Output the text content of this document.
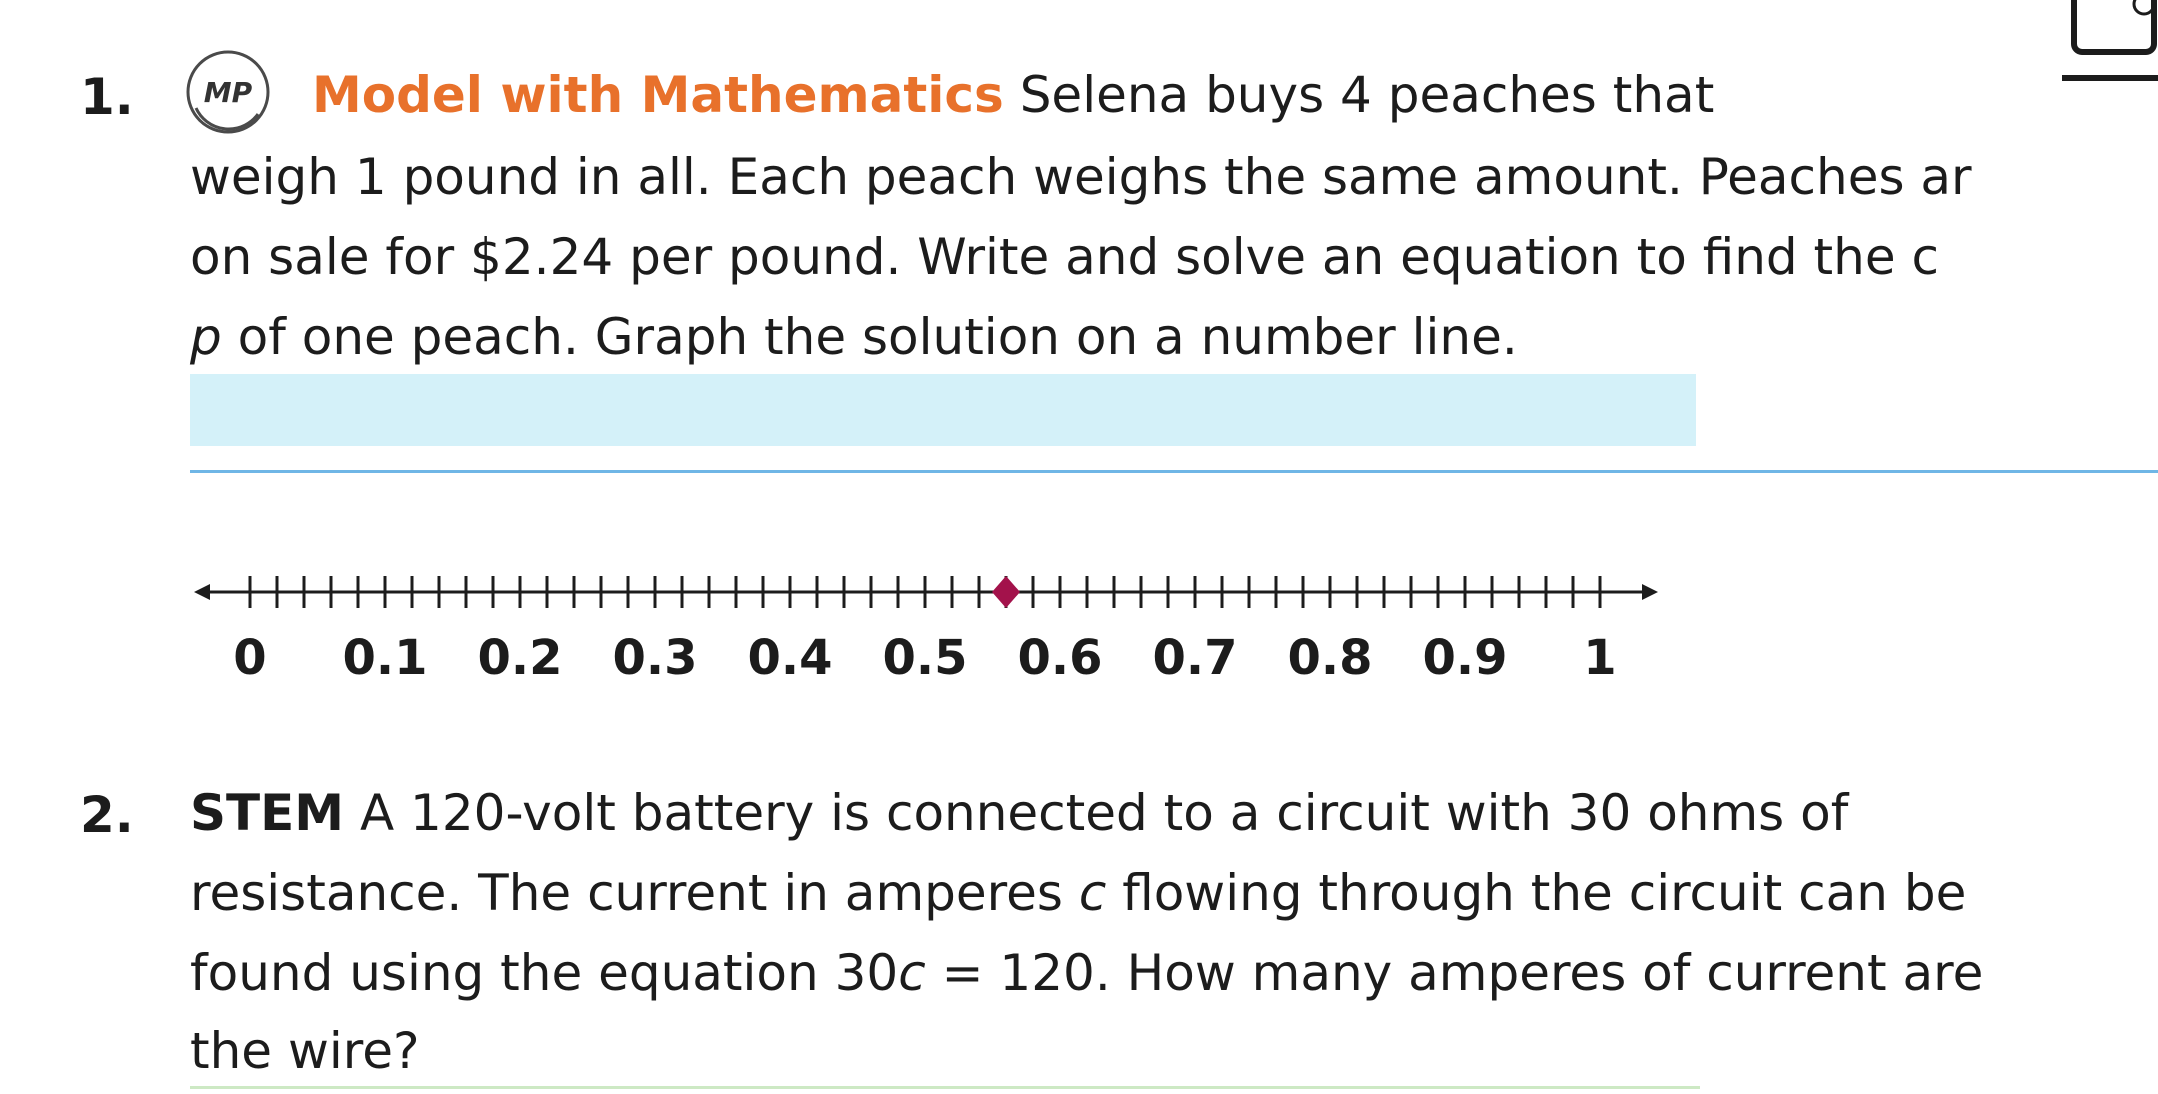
1.	MP Model with Mathematics Selena buys 4 peaches that
weigh 1 pound in all. Each peach weighs the same amount. Peaches ar
on sale for $2.24 per pound. Write and solve an equation to find the c
p of one peach. Graph the solution on a number line.
0 0.1 0.2 0.3 0.4 0.5 0.6 0.7 0.8 0.9 1
2. STEM A 120-volt battery is connected to a circuit with 30 ohms of
resistance. The current in amperes c flowing through the circuit can be
found using the equation 30c = 120. How many amperes of current are
the wire?
